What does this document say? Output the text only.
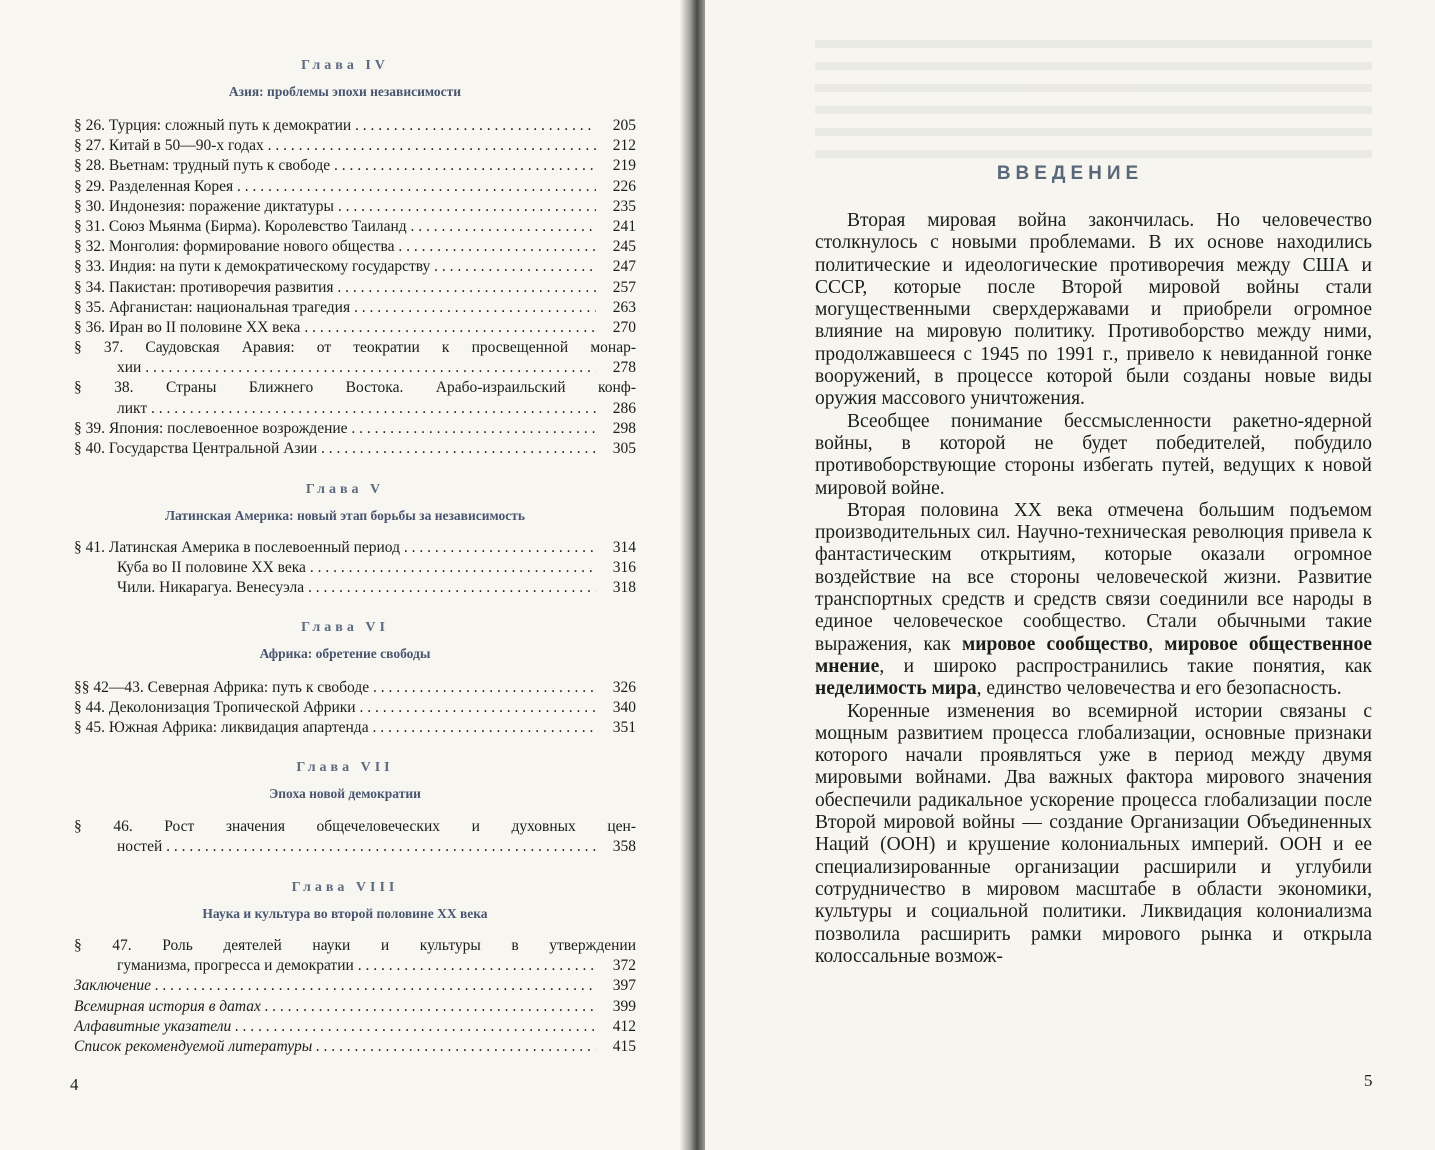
Глава IV
Азия: проблемы эпохи независимости
§ 26. Турция: сложный путь к демократии . . .	205
§ 27. Китай в 50—90-х годах . . .	212
§ 28. Вьетнам: трудный путь к свободе . . .	219
§ 29. Разделенная Корея . . .	226
§ 30. Индонезия: поражение диктатуры . . .	235
§ 31. Союз Мьянма (Бирма). Королевство Таиланд . . .	241
§ 32. Монголия: формирование нового общества . . .	245
§ 33. Индия: на пути к демократическому государству . . .	247
§ 34. Пакистан: противоречия развития . . .	257
§ 35. Афганистан: национальная трагедия . . .	263
§ 36. Иран во II половине XX века . . .	270
§ 37. Саудовская Аравия: от теократии к просвещенной монар-
хии . . .	278
§ 38. Страны Ближнего Востока. Арабо-израильский конф-
ликт . . .	286
§ 39. Япония: послевоенное возрождение . . .	298
§ 40. Государства Центральной Азии . . .	305
Глава V
Латинская Америка: новый этап борьбы за независимость
§ 41. Латинская Америка в послевоенный период . . .	314
Куба во II половине XX века . . .	316
Чили. Никарагуа. Венесуэла . . .	318
Глава VI
Африка: обретение свободы
§§ 42—43. Северная Африка: путь к свободе . . .	326
§ 44. Деколонизация Тропической Африки . . .	340
§ 45. Южная Африка: ликвидация апартенда . . .	351
Глава VII
Эпоха новой демократии
§ 46. Рост значения общечеловеческих и духовных цен-
ностей . . .	358
Глава VIII
Наука и культура во второй половине XX века
§ 47. Роль деятелей науки и культуры в утверждении
гуманизма, прогресса и демократии . . .	372
Заключение . . .	397
Всемирная история в датах . . .	399
Алфавитные указатели . . .	412
Список рекомендуемой литературы . . .	415
4
ВВЕДЕНИЕ

Вторая мировая война закончилась. Но человечество столкнулось с новыми проблемами. В их основе находились политические и идеологические противоречия между США и СССР, которые после Второй мировой войны стали могущественными сверхдержавами и приобрели огромное влияние на мировую политику. Противоборство между ними, продолжавшееся с 1945 по 1991 г., привело к невиданной гонке вооружений, в процессе которой были созданы новые виды оружия массового уничтожения.

Всеобщее понимание бессмысленности ракетно-ядерной войны, в которой не будет победителей, побудило противоборствующие стороны избегать путей, ведущих к новой мировой войне.

Вторая половина XX века отмечена большим подъемом производительных сил. Научно-техническая революция привела к фантастическим открытиям, которые оказали огромное воздействие на все стороны человеческой жизни. Развитие транспортных средств и средств связи соединили все народы в единое человеческое сообщество. Стали обычными такие выражения, как мировое сообщество, мировое общественное мнение, и широко распространились такие понятия, как неделимость мира, единство человечества и его безопасность.

Коренные изменения во всемирной истории связаны с мощным развитием процесса глобализации, основные признаки которого начали проявляться уже в период между двумя мировыми войнами. Два важных фактора мирового значения обеспечили радикальное ускорение процесса глобализации после Второй мировой войны — создание Организации Объединенных Наций (ООН) и крушение колониальных империй. ООН и ее специализированные организации расширили и углубили сотрудничество в мировом масштабе в области экономики, культуры и социальной политики. Ликвидация колониализма позволила расширить рамки мирового рынка и открыла колоссальные возмож-

5
